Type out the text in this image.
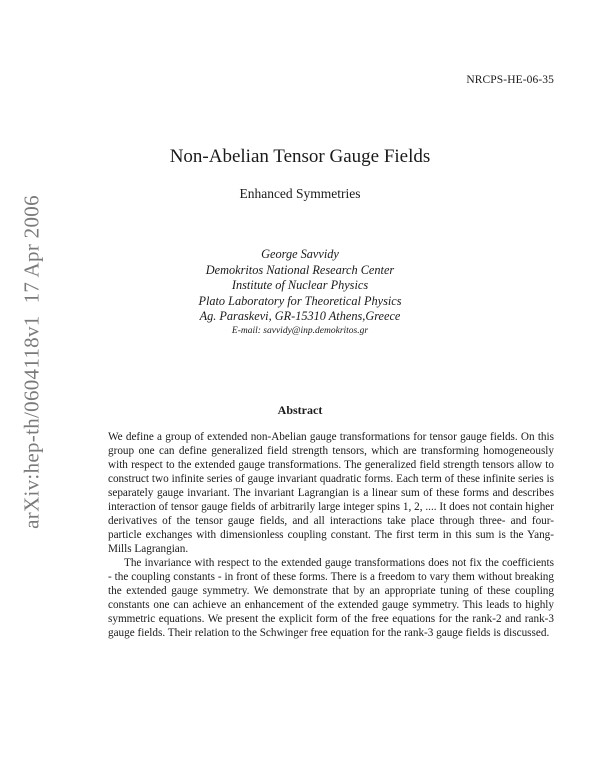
NRCPS-HE-06-35
arXiv:hep-th/0604118v117 Apr 2006
Non-Abelian Tensor Gauge Fields
Enhanced Symmetries
George Savvidy
Demokritos National Research Center
Institute of Nuclear Physics
Plato Laboratory for Theoretical Physics
Ag. Paraskevi, GR-15310 Athens,Greece
E-mail: savvidy@inp.demokritos.gr
Abstract

We define a group of extended non-Abelian gauge transformations for tensor gauge fields. On this group one can define generalized field strength tensors, which are transforming homogeneously with respect to the extended gauge transformations. The generalized field strength tensors allow to construct two infinite series of gauge invariant quadratic forms. Each term of these infinite series is separately gauge invariant. The invariant Lagrangian is a linear sum of these forms and describes interaction of tensor gauge fields of arbitrarily large integer spins 1, 2, .... It does not contain higher derivatives of the tensor gauge fields, and all interactions take place through three- and four-particle exchanges with dimensionless coupling constant. The first term in this sum is the Yang-Mills Lagrangian.

The invariance with respect to the extended gauge transformations does not fix the coefficients - the coupling constants - in front of these forms. There is a freedom to vary them without breaking the extended gauge symmetry. We demonstrate that by an appropriate tuning of these coupling constants one can achieve an enhancement of the extended gauge symmetry. This leads to highly symmetric equations. We present the explicit form of the free equations for the rank-2 and rank-3 gauge fields. Their relation to the Schwinger free equation for the rank-3 gauge fields is discussed.
